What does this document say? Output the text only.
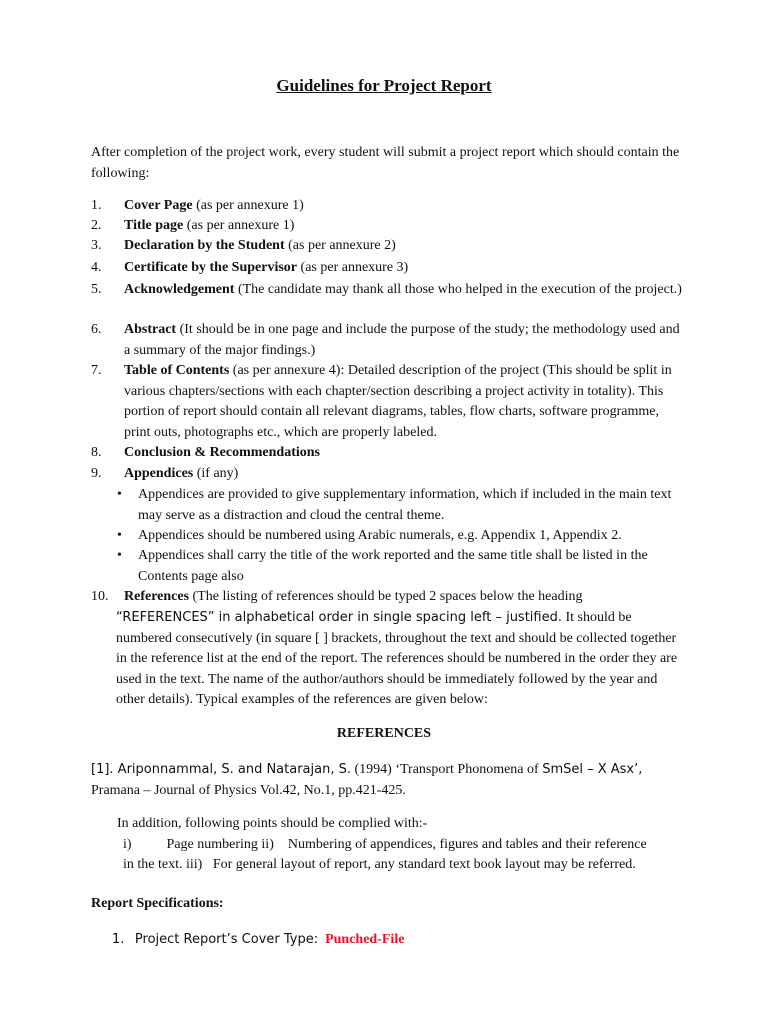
Guidelines for Project Report
After completion of the project work, every student will submit a project report which should contain the following:
1.	Cover Page (as per annexure 1)
2.	Title page (as per annexure 1)
3.	Declaration by the Student (as per annexure 2)
4.	Certificate by the Supervisor (as per annexure 3)
5.	Acknowledgement (The candidate may thank all those who helped in the execution of the project.)
6.	Abstract (It should be in one page and include the purpose of the study; the methodology used and a summary of the major findings.)
7.	Table of Contents (as per annexure 4): Detailed description of the project (This should be split in various chapters/sections with each chapter/section describing a project activity in totality). This portion of report should contain all relevant diagrams, tables, flow charts, software programme, print outs, photographs etc., which are properly labeled.
8.	Conclusion & Recommendations
9.	Appendices (if any)
• Appendices are provided to give supplementary information, which if included in the main text may serve as a distraction and cloud the central theme.
• Appendices should be numbered using Arabic numerals, e.g. Appendix 1, Appendix 2.
• Appendices shall carry the title of the work reported and the same title shall be listed in the Contents page also
10.	References (The listing of references should be typed 2 spaces below the heading
“REFERENCES” in alphabetical order in single spacing left – justified. It should be numbered consecutively (in square [ ] brackets, throughout the text and should be collected together in the reference list at the end of the report. The references should be numbered in the order they are used in the text. The name of the author/authors should be immediately followed by the year and other details). Typical examples of the references are given below:
REFERENCES
[1]. Ariponnammal, S. and Natarajan, S. (1994) ‘Transport Phonomena of SmSel – X Asx’,
Pramana – Journal of Physics Vol.42, No.1, pp.421-425.
In addition, following points should be complied with:-
i)          Page numbering ii)    Numbering of appendices, figures and tables and their reference in the text. iii)   For general layout of report, any standard text book layout may be referred.
Report Specifications:
1. Project Report’s Cover Type: Punched-File
